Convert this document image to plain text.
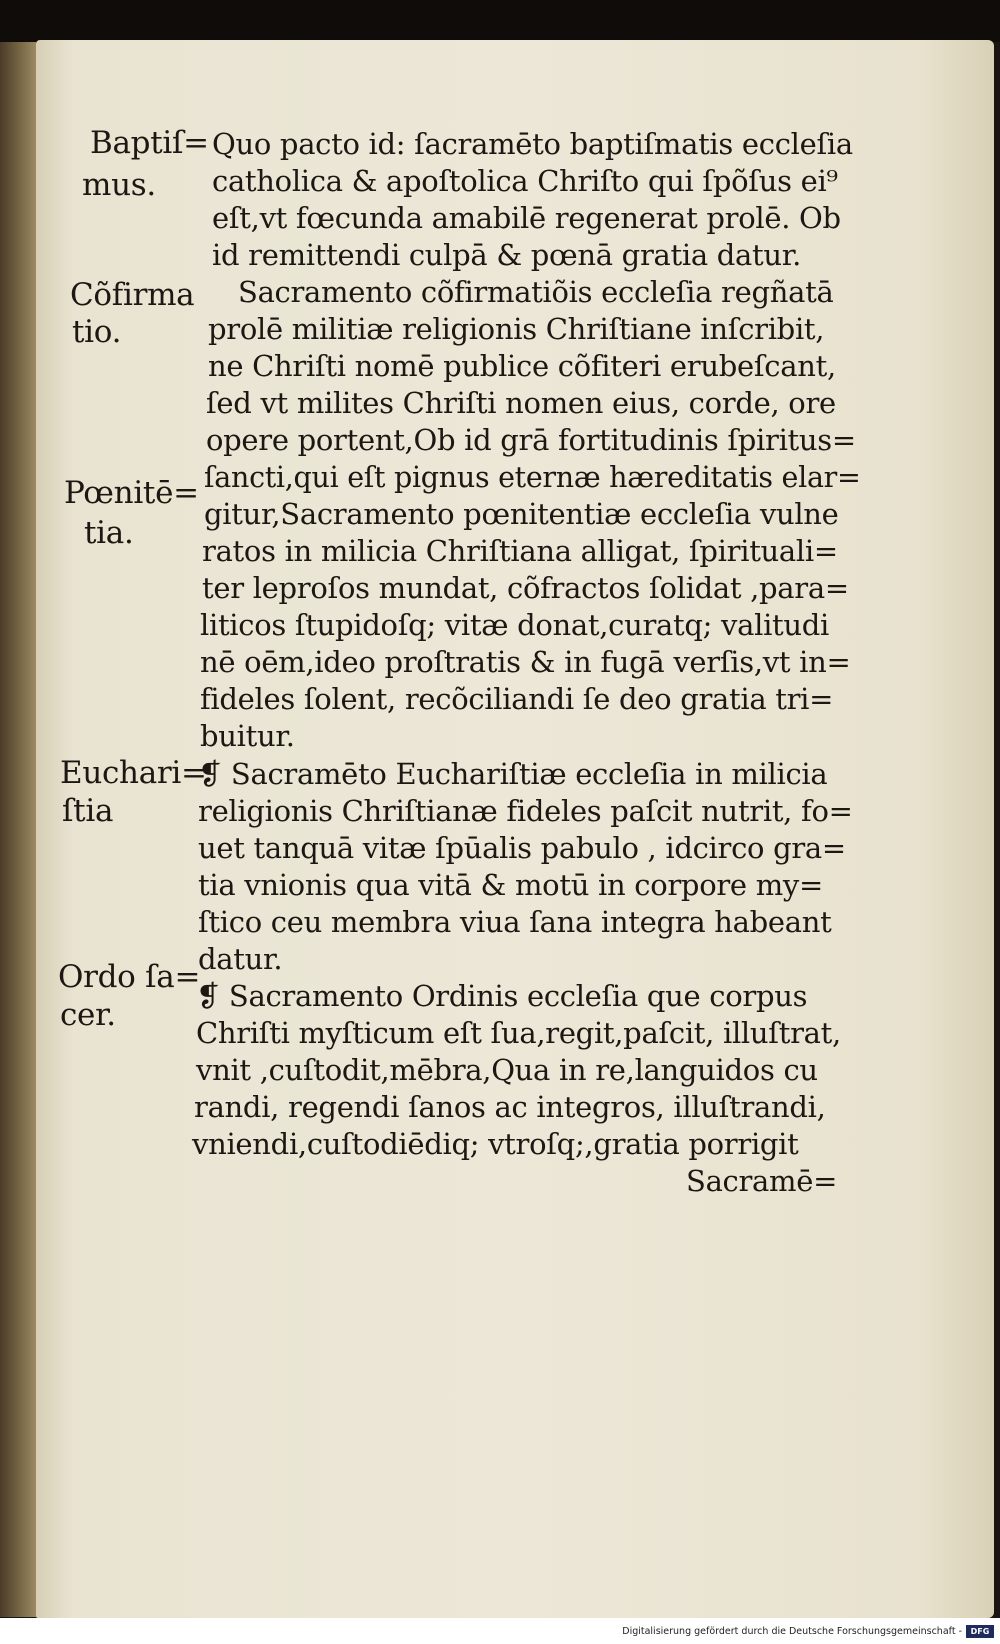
Baptiſ=
mus.
Cõfirma
tio.
Pœnitē=
tia.
Euchari=
ſtia
Ordo ſa=
cer.
Quo pacto id: ſacramēto baptiſmatis eccleſia
catholica & apoſtolica Chriſto qui ſpõſus ei⁹
eſt,vt fœcunda amabilē regenerat prolē. Ob
id remittendi culpā & pœnā gratia datur.
Sacramento cõfirmatiõis eccleſia regñatā
prolē militiæ religionis Chriſtiane inſcribit,
ne Chriſti nomē publice cõfiteri erubeſcant,
ſed vt milites Chriſti nomen eius, corde, ore
opere portent,Ob id grā fortitudinis ſpiritus=
ſancti,qui eſt pignus eternæ hæreditatis elar=
gitur,Sacramento pœnitentiæ eccleſia vulne
ratos in milicia Chriſtiana alligat, ſpirituali=
ter leproſos mundat, cõfractos ſolidat ,para=
liticos ſtupidoſq; vitæ donat,curatq; valitudi
nē oēm,ideo proſtratis & in fugā verſis,vt in=
fideles ſolent, recõciliandi ſe deo gratia tri=
buitur.
❡ Sacramēto Euchariſtiæ eccleſia in milicia
religionis Chriſtianæ fideles paſcit nutrit, fo=
uet tanquā vitæ ſpūalis pabulo , idcirco gra=
tia vnionis qua vitā & motū in corpore my=
ſtico ceu membra viua ſana integra habeant
datur.
❡ Sacramento Ordinis eccleſia que corpus
Chriſti myſticum eſt ſua,regit,paſcit, illuſtrat,
vnit ,cuſtodit,mēbra,Qua in re,languidos cu
randi, regendi ſanos ac integros, illuſtrandi,
vniendi,cuſtodiēdiq; vtroſq;,gratia porrigit
Sacramē=
Digitalisierung gefördert durch die Deutsche Forschungsgemeinschaft -	DFG
